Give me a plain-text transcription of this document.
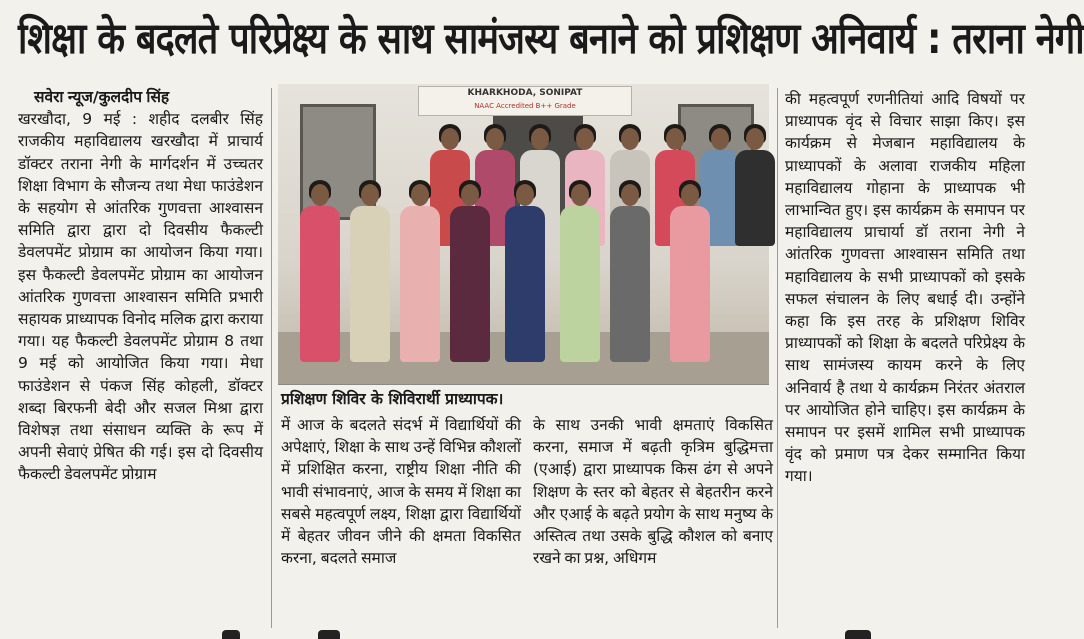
शिक्षा के बदलते परिप्रेक्ष्य के साथ सामंजस्य बनाने को प्रशिक्षण अनिवार्य : तराना नेगी
सवेरा न्यूज/कुलदीप सिंह

खरखौदा, 9 मई : शहीद दलबीर सिंह राजकीय महाविद्यालय खरखौदा में प्राचार्य डॉक्टर तराना नेगी के मार्गदर्शन में उच्चतर शिक्षा विभाग के सौजन्य तथा मेधा फाउंडेशन के सहयोग से आंतरिक गुणवत्ता आश्वासन समिति द्वारा द्वारा दो दिवसीय फैकल्टी डेवलपमेंट प्रोग्राम का आयोजन किया गया। इस फैकल्टी डेवलपमेंट प्रोग्राम का आयोजन आंतरिक गुणवत्ता आश्वासन समिति प्रभारी सहायक प्राध्यापक विनोद मलिक द्वारा कराया गया। यह फैकल्टी डेवलपमेंट प्रोग्राम 8 तथा 9 मई को आयोजित किया गया। मेधा फाउंडेशन से पंकज सिंह कोहली, डॉक्टर शब्दा बिरफनी बेदी और सजल मिश्रा द्वारा विशेषज्ञ तथा संसाधन व्यक्ति के रूप में अपनी सेवाएं प्रेषित की गई। इस दो दिवसीय फैकल्टी डेवलपमेंट प्रोग्राम

KHARKHODA, SONIPAT
NAAC Accredited B++ Grade
प्रशिक्षण शिविर के शिविरार्थी प्राध्यापक।

में आज के बदलते संदर्भ में विद्यार्थियों की अपेक्षाएं, शिक्षा के साथ उन्हें विभिन्न कौशलों में प्रशिक्षित करना, राष्ट्रीय शिक्षा नीति की भावी संभावनाएं, आज के समय में शिक्षा का सबसे महत्वपूर्ण लक्ष्य, शिक्षा द्वारा विद्यार्थियों में बेहतर जीवन जीने की क्षमता विकसित करना, बदलते समाज

के साथ उनकी भावी क्षमताएं विकसित करना, समाज में बढ़ती कृत्रिम बुद्धिमत्ता (एआई) द्वारा प्राध्यापक किस ढंग से अपने शिक्षण के स्तर को बेहतर से बेहतरीन करने और एआई के बढ़ते प्रयोग के साथ मनुष्य के अस्तित्व तथा उसके बुद्धि कौशल को बनाए रखने का प्रश्न, अधिगम

की महत्वपूर्ण रणनीतियां आदि विषयों पर प्राध्यापक वृंद से विचार साझा किए। इस कार्यक्रम से मेजबान महाविद्यालय के प्राध्यापकों के अलावा राजकीय महिला महाविद्यालय गोहाना के प्राध्यापक भी लाभान्वित हुए। इस कार्यक्रम के समापन पर महाविद्यालय प्राचार्या डॉ तराना नेगी ने आंतरिक गुणवत्ता आश्वासन समिति तथा महाविद्यालय के सभी प्राध्यापकों को इसके सफल संचालन के लिए बधाई दी। उन्होंने कहा कि इस तरह के प्रशिक्षण शिविर प्राध्यापकों को शिक्षा के बदलते परिप्रेक्ष्य के साथ सामंजस्य कायम करने के लिए अनिवार्य है तथा ये कार्यक्रम निरंतर अंतराल पर आयोजित होने चाहिए। इस कार्यक्रम के समापन पर इसमें शामिल सभी प्राध्यापक वृंद को प्रमाण पत्र देकर सम्मानित किया गया।
